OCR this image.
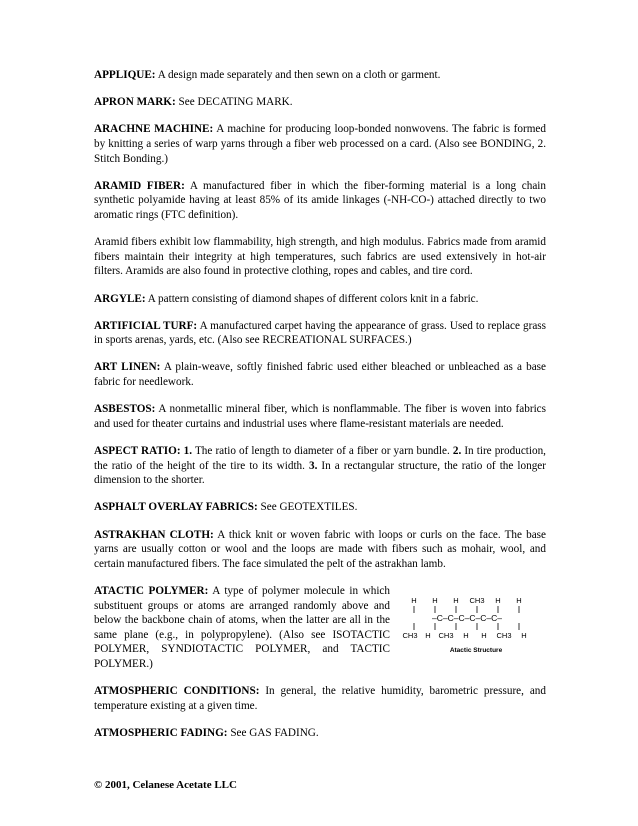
APPLIQUE: A design made separately and then sewn on a cloth or garment.

APRON MARK: See DECATING MARK.

ARACHNE MACHINE: A machine for producing loop-bonded nonwovens. The fabric is formed by knitting a series of warp yarns through a fiber web processed on a card. (Also see BONDING, 2. Stitch Bonding.)

ARAMID FIBER: A manufactured fiber in which the fiber-forming material is a long chain synthetic polyamide having at least 85% of its amide linkages (-NH-CO-) attached directly to two aromatic rings (FTC definition).

Aramid fibers exhibit low flammability, high strength, and high modulus. Fabrics made from aramid fibers maintain their integrity at high temperatures, such fabrics are used extensively in hot-air filters. Aramids are also found in protective clothing, ropes and cables, and tire cord.

ARGYLE: A pattern consisting of diamond shapes of different colors knit in a fabric.

ARTIFICIAL TURF: A manufactured carpet having the appearance of grass. Used to replace grass in sports arenas, yards, etc. (Also see RECREATIONAL SURFACES.)

ART LINEN: A plain-weave, softly finished fabric used either bleached or unbleached as a base fabric for needlework.

ASBESTOS: A nonmetallic mineral fiber, which is nonflammable. The fiber is woven into fabrics and used for theater curtains and industrial uses where flame-resistant materials are needed.

ASPECT RATIO: 1. The ratio of length to diameter of a fiber or yarn bundle. 2. In tire production, the ratio of the height of the tire to its width. 3. In a rectangular structure, the ratio of the longer dimension to the shorter.

ASPHALT OVERLAY FABRICS: See GEOTEXTILES.

ASTRAKHAN CLOTH: A thick knit or woven fabric with loops or curls on the face. The base yarns are usually cotton or wool and the loops are made with fibers such as mohair, wool, and certain manufactured fibers. The face simulated the pelt of the astrakhan lamb.

ATACTIC POLYMER: A type of polymer molecule in which substituent groups or atoms are arranged randomly above and below the backbone chain of atoms, when the latter are all in the same plane (e.g., in polypropylene). (Also see ISOTACTIC POLYMER, SYNDIOTACTIC POLYMER, and TACTIC POLYMER.)

H H H CH3 H H
–C–C–C–C–C–C–
CH3 H CH3 H H CH3 H
Atactic Structure

ATMOSPHERIC CONDITIONS: In general, the relative humidity, barometric pressure, and temperature existing at a given time.

ATMOSPHERIC FADING: See GAS FADING.

© 2001, Celanese Acetate LLC
